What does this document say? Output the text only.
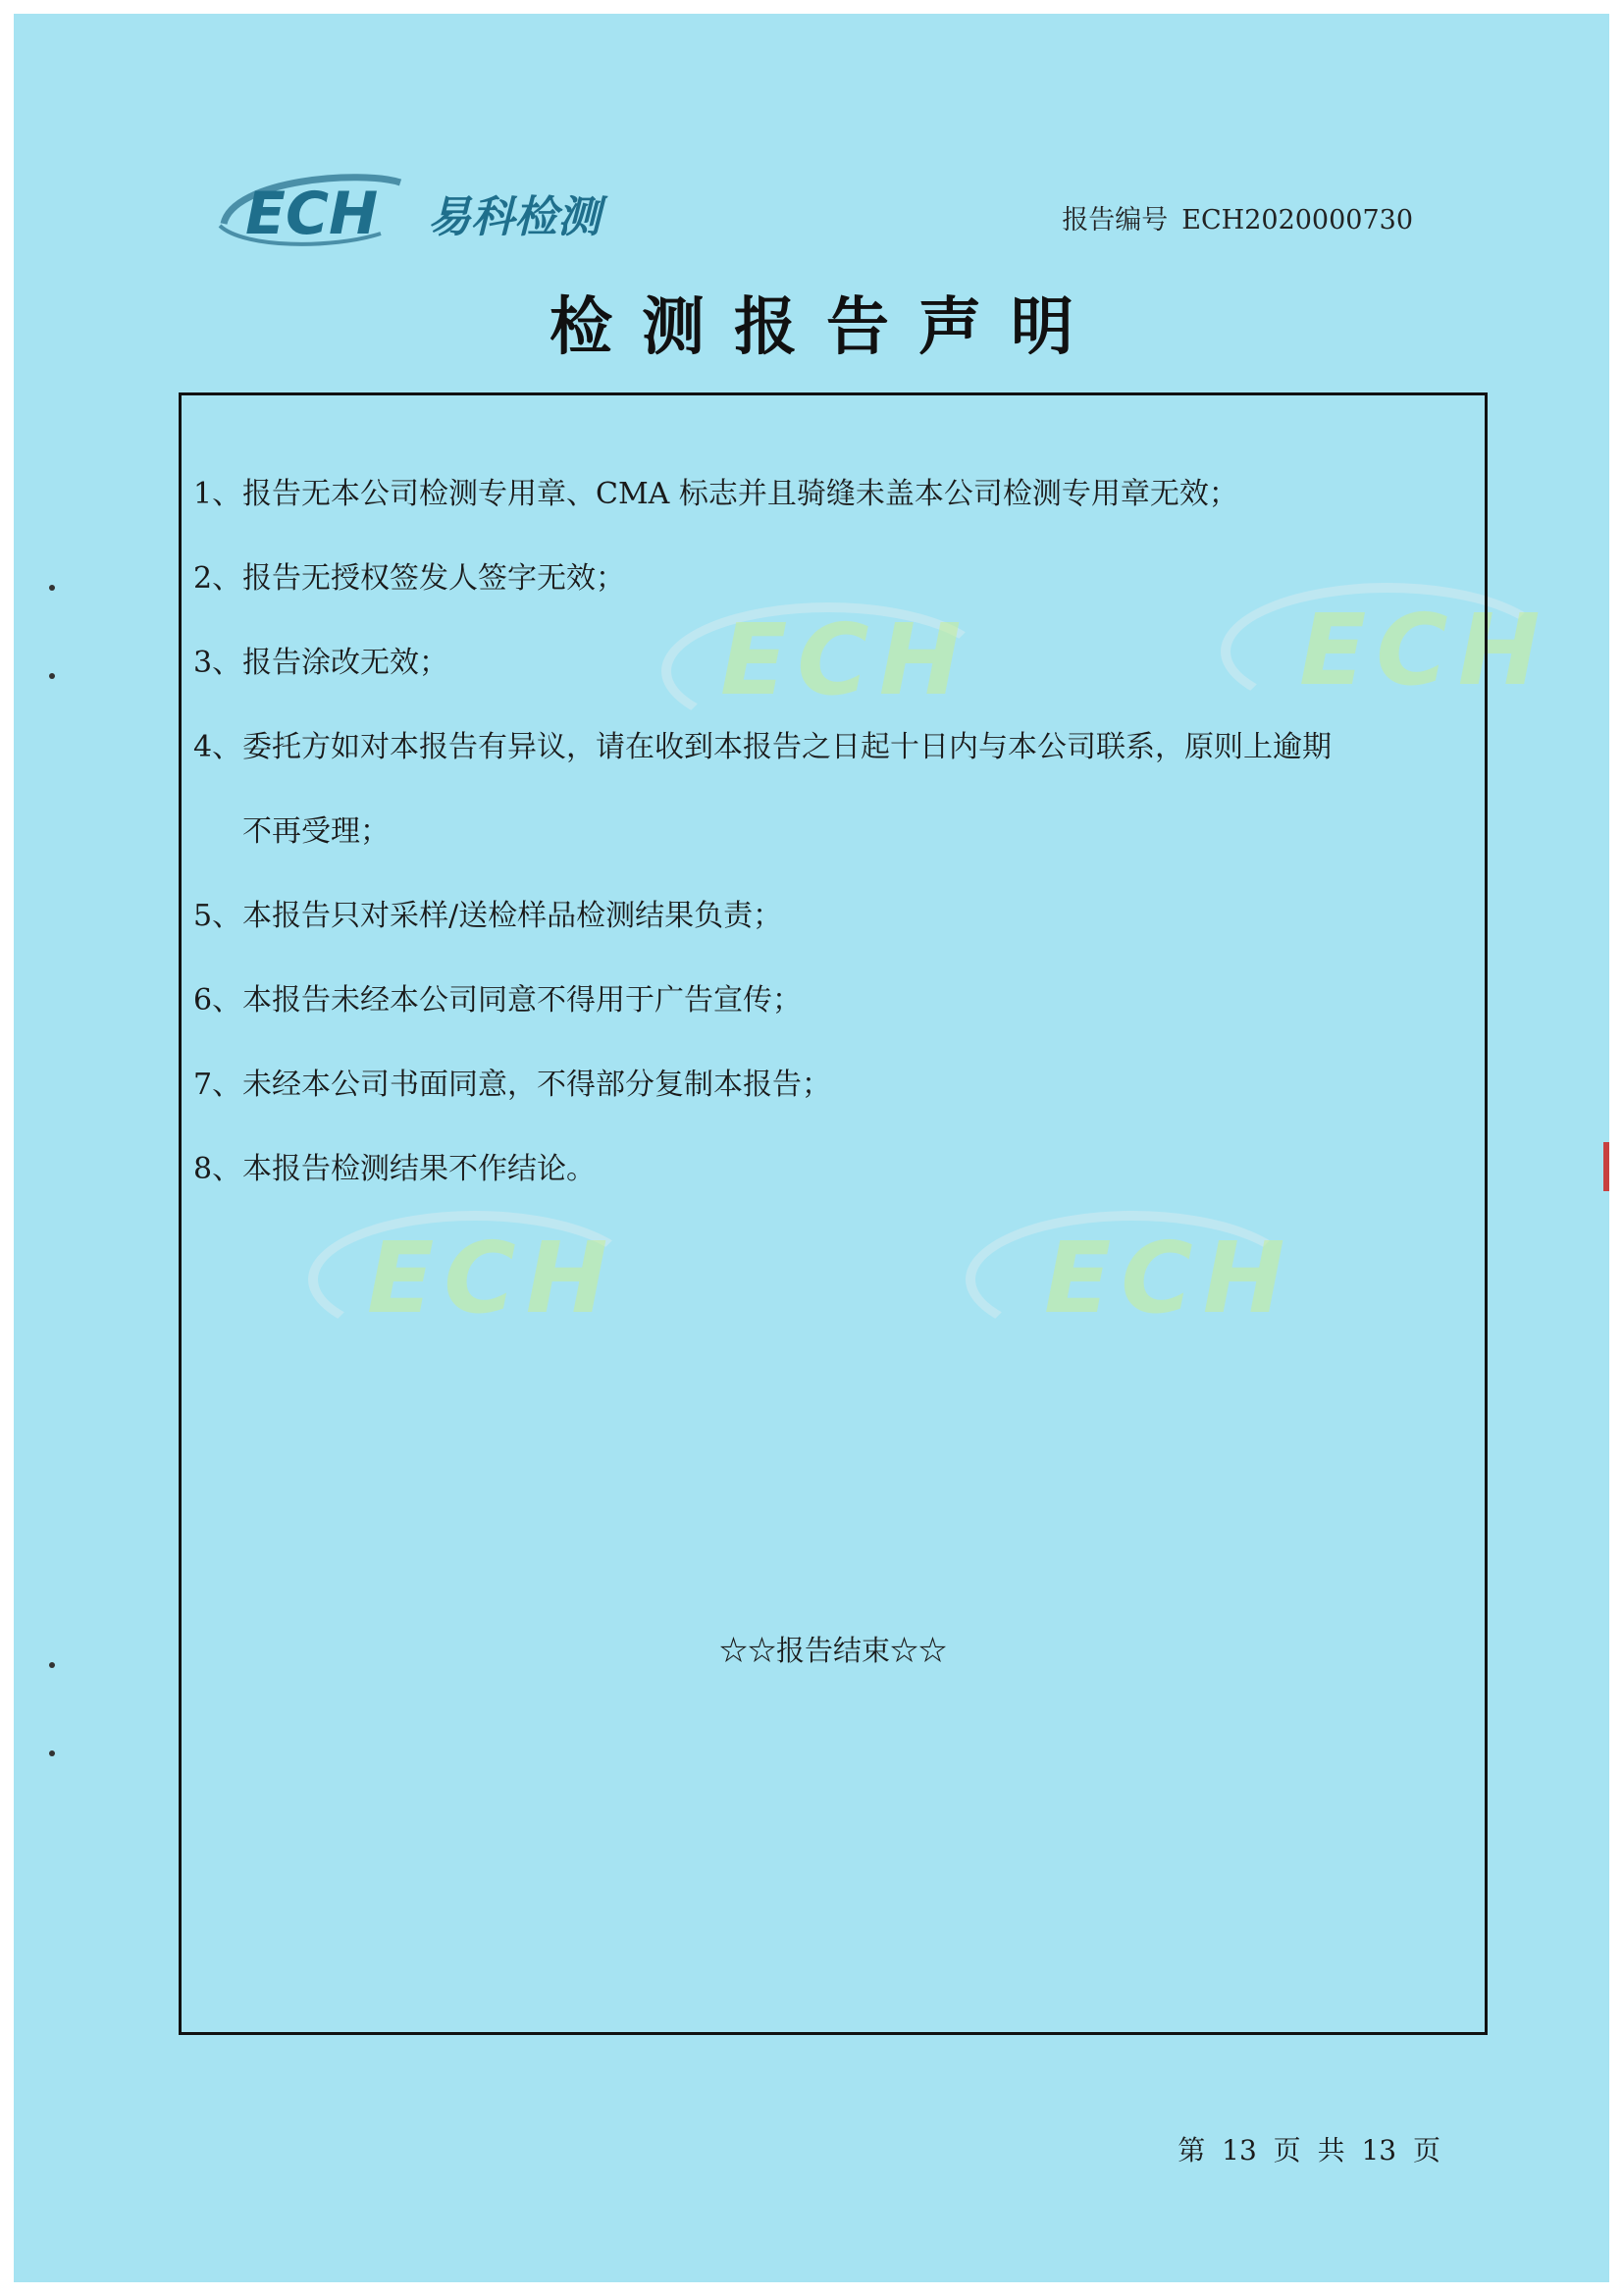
ECH	ECH
ECH	ECH
ECH 易科检测	报告编号 ECH2020000730
检测报告声明
1、 报告无本公司检测专用章、CMA 标志并且骑缝未盖本公司检测专用章无效；
2、 报告无授权签发人签字无效；
3、 报告涂改无效；
4、 委托方如对本报告有异议，请在收到本报告之日起十日内与本公司联系，原则上逾期
不再受理；
5、 本报告只对采样/送检样品检测结果负责；
6、 本报告未经本公司同意不得用于广告宣传；
7、 未经本公司书面同意，不得部分复制本报告；
8、 本报告检测结果不作结论。
☆☆报告结束☆☆
第 13 页 共 13 页
